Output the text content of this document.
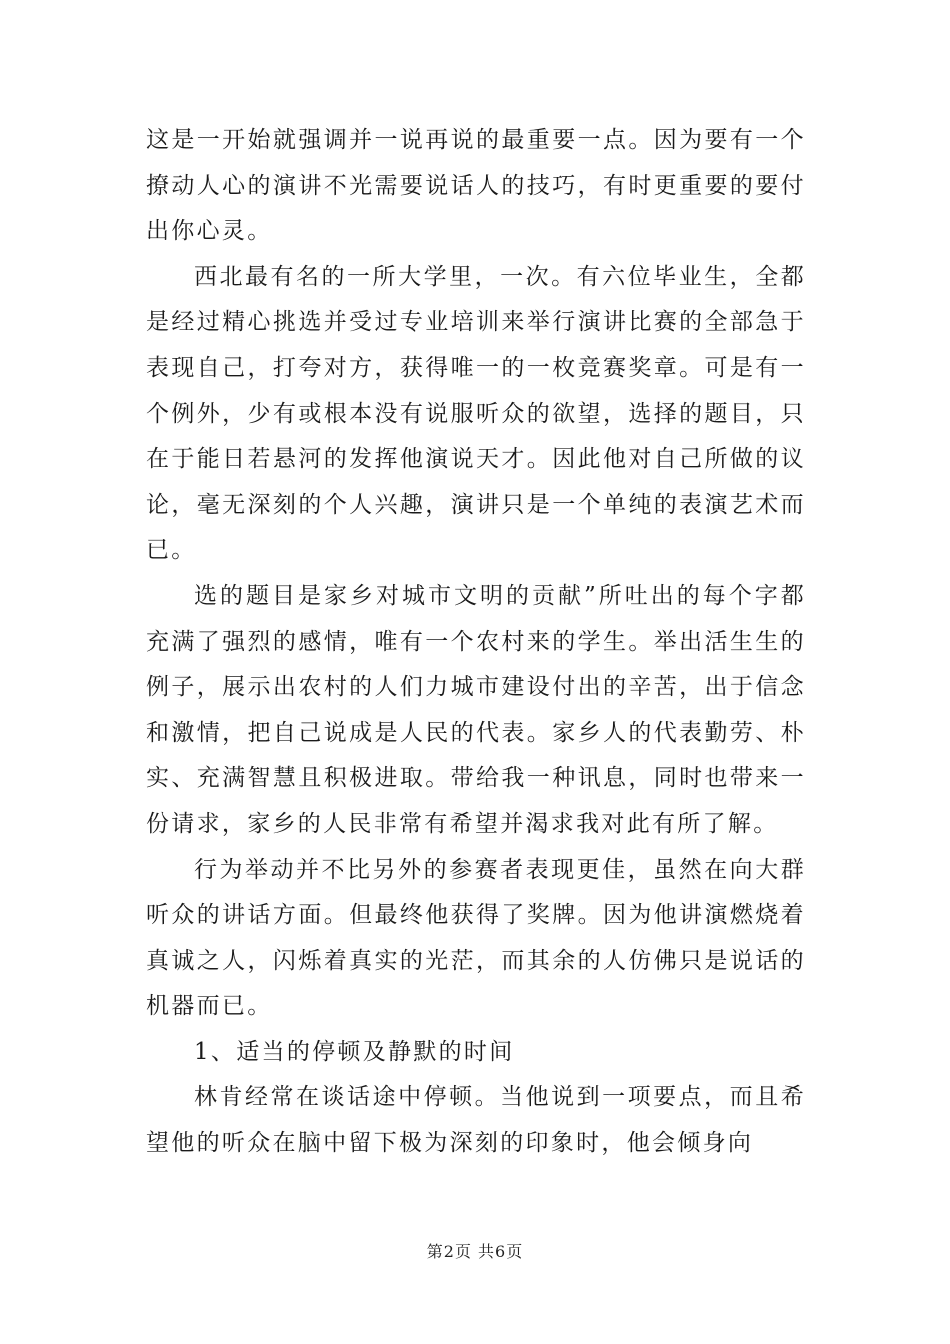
这是一开始就强调并一说再说的最重要一点。因为要有一个撩动人心的演讲不光需要说话人的技巧，有时更重要的要付出你心灵。

西北最有名的一所大学里，一次。有六位毕业生，全都是经过精心挑选并受过专业培训来举行演讲比赛的全部急于表现自己，打夸对方，获得唯一的一枚竞赛奖章。可是有一个例外，少有或根本没有说服听众的欲望，选择的题目，只在于能日若悬河的发挥他演说天才。因此他对自己所做的议论，毫无深刻的个人兴趣，演讲只是一个单纯的表演艺术而已。

选的题目是家乡对城市文明的贡献”所吐出的每个字都充满了强烈的感情，唯有一个农村来的学生。举出活生生的例子，展示出农村的人们力城市建设付出的辛苦，出于信念和激情，把自己说成是人民的代表。家乡人的代表勤劳、朴实、充满智慧且积极进取。带给我一种讯息，同时也带来一份请求，家乡的人民非常有希望并渴求我对此有所了解。

行为举动并不比另外的参赛者表现更佳，虽然在向大群听众的讲话方面。但最终他获得了奖牌。因为他讲演燃烧着真诚之人，闪烁着真实的光茫，而其余的人仿佛只是说话的机器而已。

1、适当的停顿及静默的时间

林肯经常在谈话途中停顿。当他说到一项要点，而且希望他的听众在脑中留下极为深刻的印象时，他会倾身向

第2页 共6页
